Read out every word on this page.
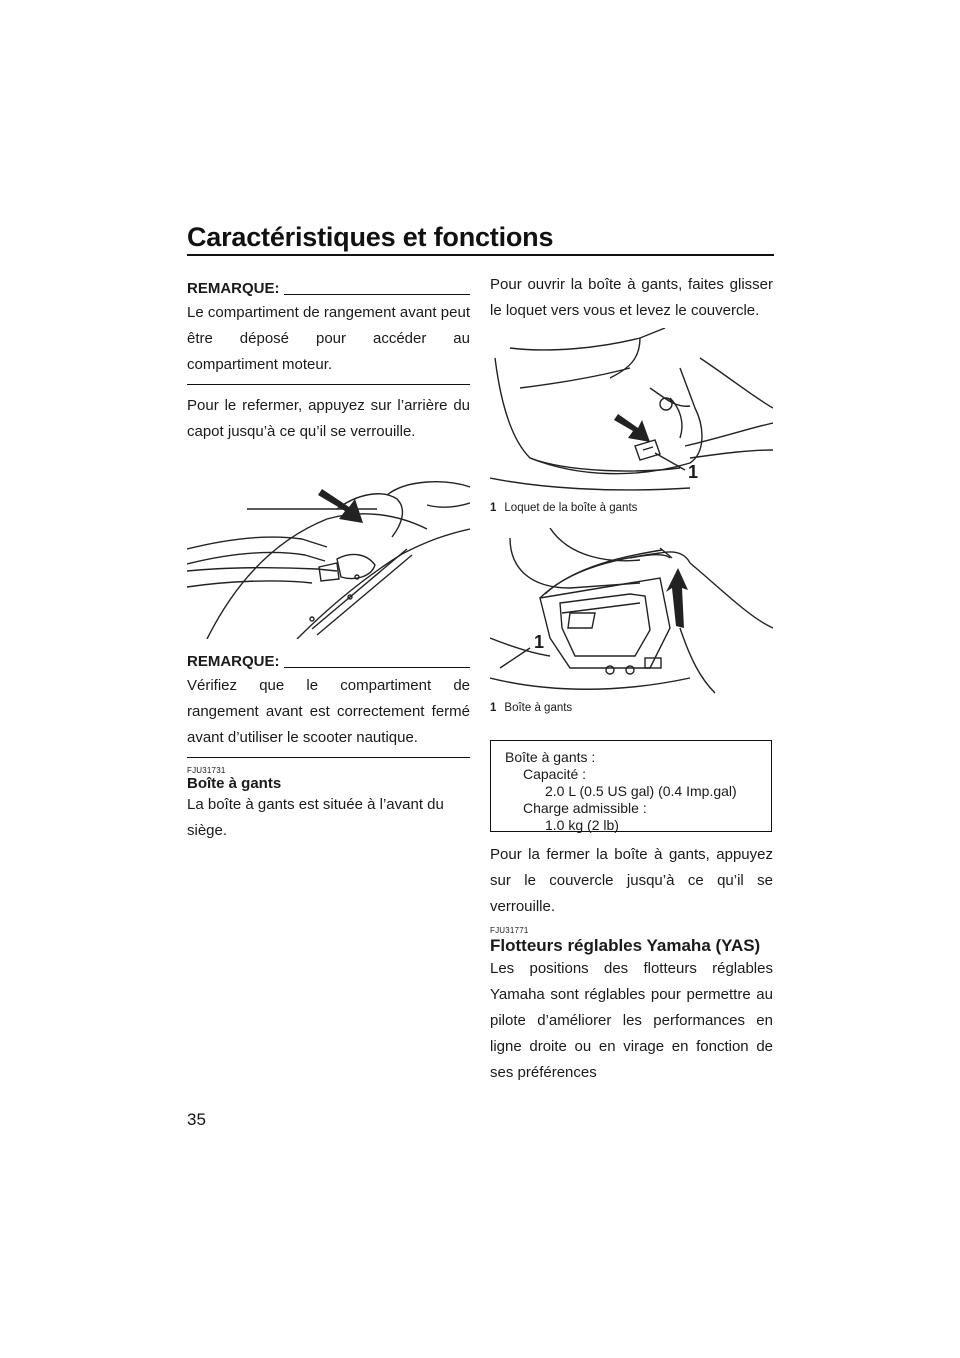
Caractéristiques et fonctions
REMARQUE:

Le compartiment de rangement avant peut être déposé pour accéder au compartiment moteur.

Pour le refermer, appuyez sur l’arrière du capot jusqu’à ce qu’il se verrouille.

REMARQUE:

Vérifiez que le compartiment de rangement avant est correctement fermé avant d’utiliser le scooter nautique.

FJU31731

Boîte à gants

La boîte à gants est située à l’avant du siège.

Pour ouvrir la boîte à gants, faites glisser le loquet vers vous et levez le couvercle.

1

1 Loquet de la boîte à gants

1

1 Boîte à gants

Boîte à gants :
Capacité :
2.0 L (0.5 US gal) (0.4 Imp.gal)
Charge admissible :
1.0 kg (2 lb)

Pour la fermer la boîte à gants, appuyez sur le couvercle jusqu’à ce qu’il se verrouille.

FJU31771

Flotteurs réglables Yamaha (YAS)

Les positions des flotteurs réglables Yamaha sont réglables pour permettre au pilote d’améliorer les performances en ligne droite ou en virage en fonction de ses préférences

35
